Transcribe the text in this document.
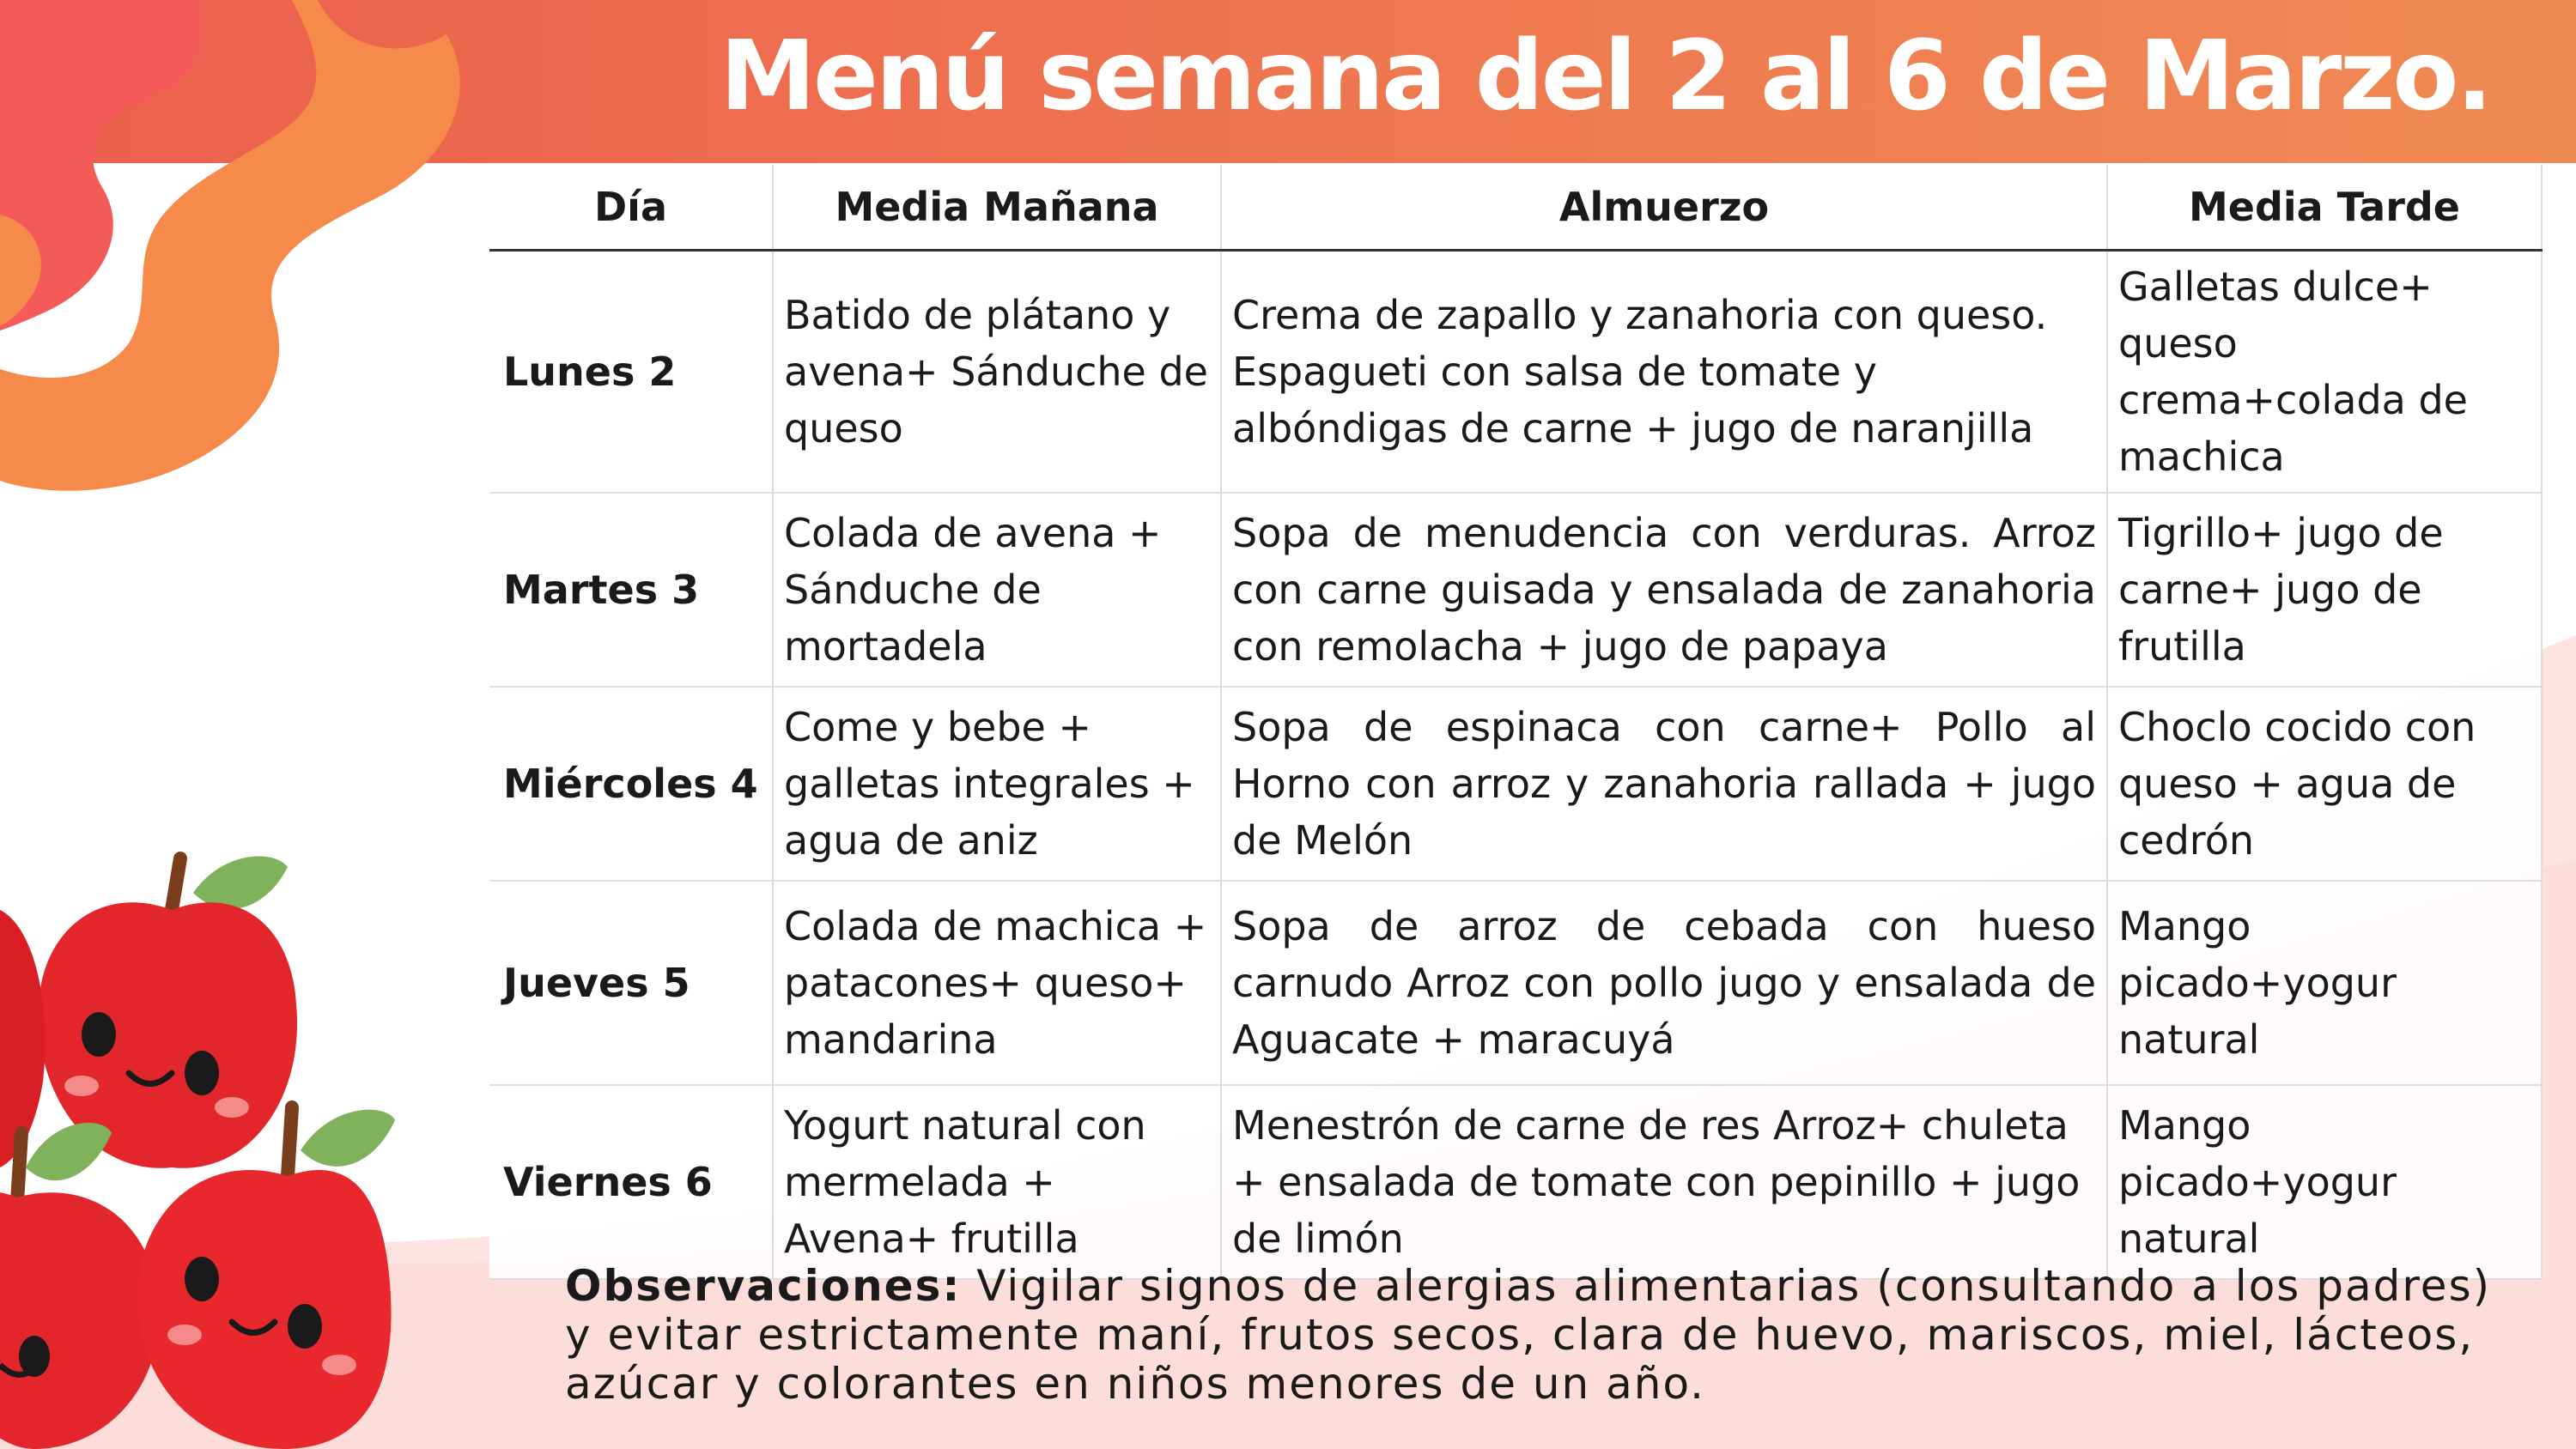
Menú semana del 2 al 6 de Marzo.
Día	Media Mañana	Almuerzo	Media Tarde
Lunes 2	Batido de plátano y avena+ Sánduche de queso	Crema de zapallo y zanahoria con queso. Espagueti con salsa de tomate y albóndigas de carne + jugo de naranjilla	Galletas dulce+ queso crema+colada de machica
Martes 3	Colada de avena + Sánduche de mortadela	Sopa de menudencia con verduras. Arroz con carne guisada y ensalada de zanahoria con remolacha + jugo de papaya	Tigrillo+ jugo de carne+ jugo de frutilla
Miércoles 4	Come y bebe + galletas integrales + agua de aniz	Sopa de espinaca con carne+ Pollo al Horno con arroz y zanahoria rallada + jugo de Melón	Choclo cocido con queso + agua de cedrón
Jueves 5	Colada de machica + patacones+ queso+ mandarina	Sopa de arroz de cebada con hueso carnudo Arroz con pollo jugo y ensalada de Aguacate + maracuyá	Mango picado+yogur natural
Viernes 6	Yogurt natural con mermelada + Avena+ frutilla	Menestrón de carne de res Arroz+ chuleta + ensalada de tomate con pepinillo + jugo de limón	Mango picado+yogur natural
Observaciones: Vigilar signos de alergias alimentarias (consultando a los padres) y evitar estrictamente maní, frutos secos, clara de huevo, mariscos, miel, lácteos, azúcar y colorantes en niños menores de un año.
